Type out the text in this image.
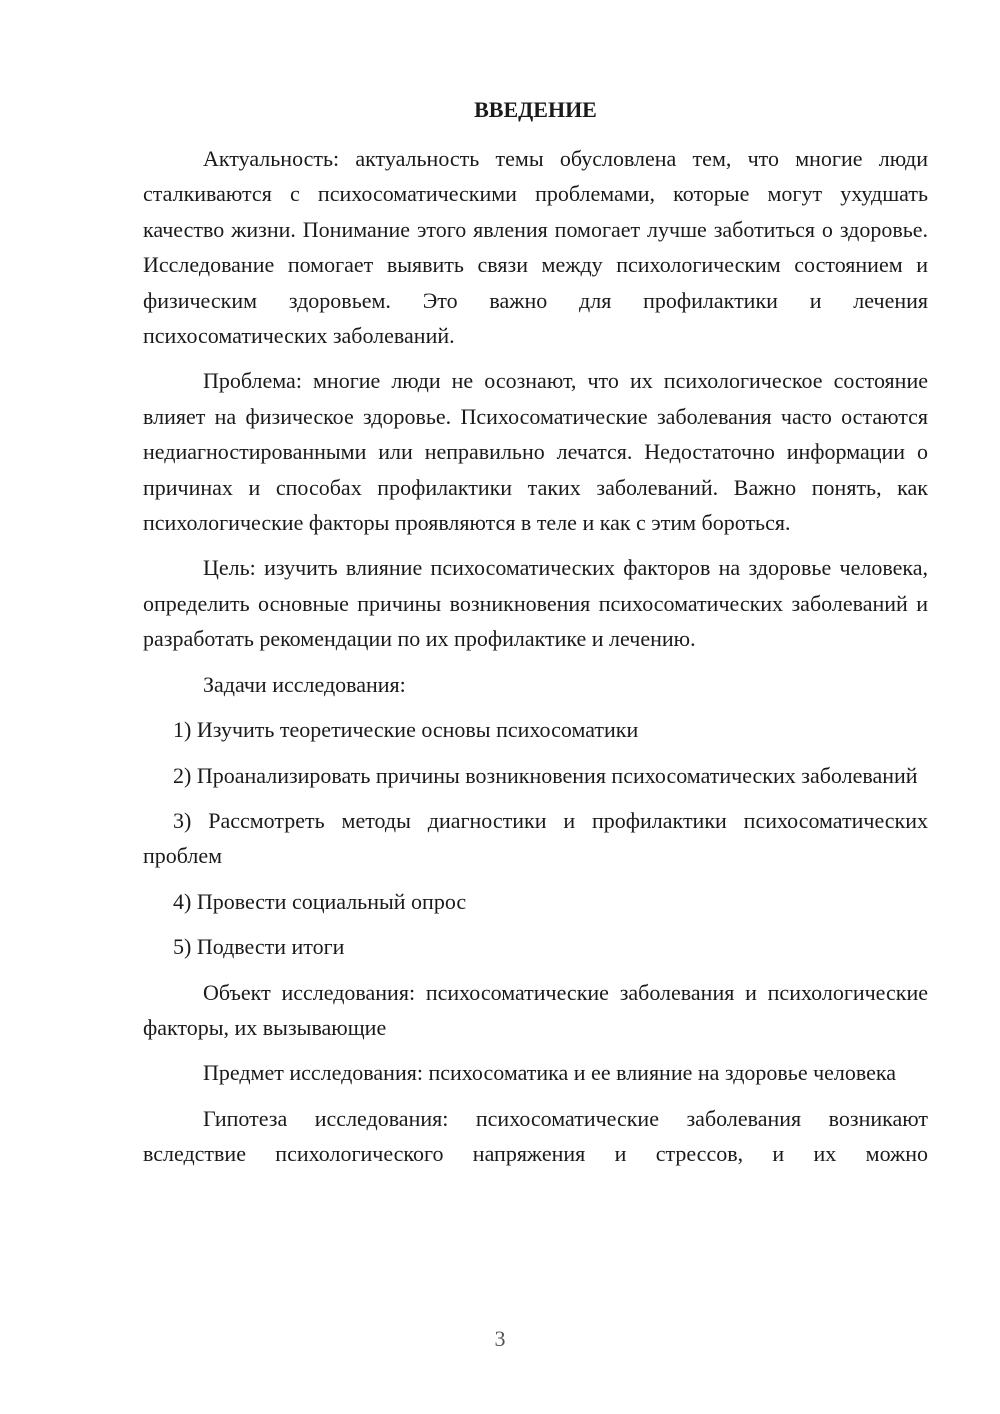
ВВЕДЕНИЕ

Актуальность: актуальность темы обусловлена тем, что многие люди сталкиваются с психосоматическими проблемами, которые могут ухудшать качество жизни. Понимание этого явления помогает лучше заботиться о здоровье. Исследование помогает выявить связи между психологическим состоянием и физическим здоровьем. Это важно для профилактики и лечения психосоматических заболеваний.

Проблема: многие люди не осознают, что их психологическое состояние влияет на физическое здоровье. Психосоматические заболевания часто остаются недиагностированными или неправильно лечатся. Недостаточно информации о причинах и способах профилактики таких заболеваний. Важно понять, как психологические факторы проявляются в теле и как с этим бороться.

Цель: изучить влияние психосоматических факторов на здоровье человека, определить основные причины возникновения психосоматических заболеваний и разработать рекомендации по их профилактике и лечению.

Задачи исследования:

1) Изучить теоретические основы психосоматики

2) Проанализировать причины возникновения психосоматических заболеваний

3) Рассмотреть методы диагностики и профилактики психосоматических проблем

4) Провести социальный опрос

5) Подвести итоги

Объект исследования: психосоматические заболевания и психологические факторы, их вызывающие

Предмет исследования: психосоматика и ее влияние на здоровье человека

Гипотеза исследования: психосоматические заболевания возникают вследствие психологического напряжения и стрессов, и их можно

3
